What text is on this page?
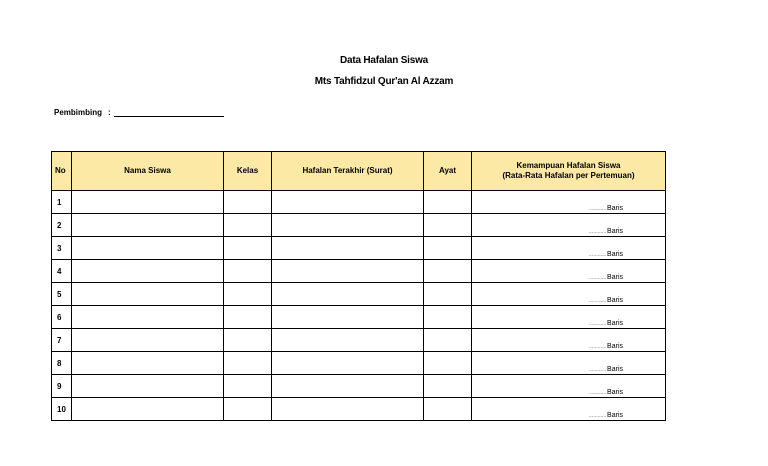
Data Hafalan Siswa
Mts Tahfidzul Qur'an Al Azzam
Pembimbing :
No	Nama Siswa	Kelas	Hafalan Terakhir (Surat)	Ayat	Kemampuan Hafalan Siswa
(Rata-Rata Hafalan per Pertemuan)

1					............Baris
2					............Baris
3					............Baris
4					............Baris
5					............Baris
6					............Baris
7					............Baris
8					............Baris
9					............Baris
10					............Baris
